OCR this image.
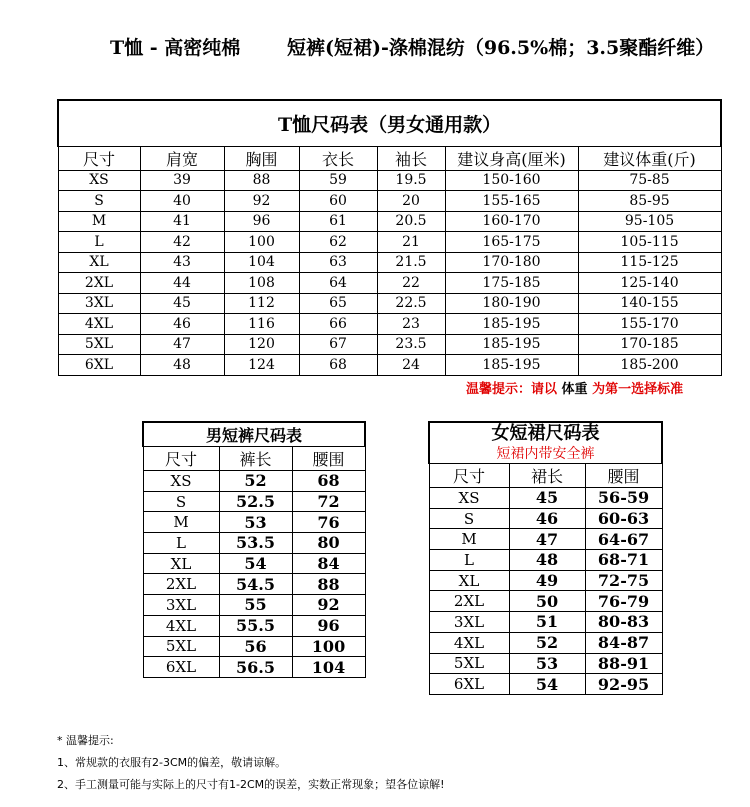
T恤 - 高密纯棉 短裤(短裙)-涤棉混纺（96.5%棉；3.5聚酯纤维）
T恤尺码表（男女通用款）						
尺寸	肩宽	胸围	衣长	袖长	建议身高(厘米)	建议体重(斤)
XS	39	88	59	19.5	150-160	75-85
S	40	92	60	20	155-165	85-95
M	41	96	61	20.5	160-170	95-105
L	42	100	62	21	165-175	105-115
XL	43	104	63	21.5	170-180	115-125
2XL	44	108	64	22	175-185	125-140
3XL	45	112	65	22.5	180-190	140-155
4XL	46	116	66	23	185-195	155-170
5XL	47	120	67	23.5	185-195	170-185
6XL	48	124	68	24	185-195	185-200
温馨提示：请以 体重 为第一选择标准
男短裤尺码表		
尺寸	裤长	腰围
XS	52	68
S	52.5	72
M	53	76
L	53.5	80
XL	54	84
2XL	54.5	88
3XL	55	92
4XL	55.5	96
5XL	56	100
6XL	56.5	104
女短裙尺码表
短裙内带安全裤		

尺寸	裙长	腰围
XS	45	56-59
S	46	60-63
M	47	64-67
L	48	68-71
XL	49	72-75
2XL	50	76-79
3XL	51	80-83
4XL	52	84-87
5XL	53	88-91
6XL	54	92-95
* 温馨提示:
1、常规款的衣服有2-3CM的偏差，敬请谅解。
2、手工测量可能与实际上的尺寸有1-2CM的误差，实数正常现象；望各位谅解!
